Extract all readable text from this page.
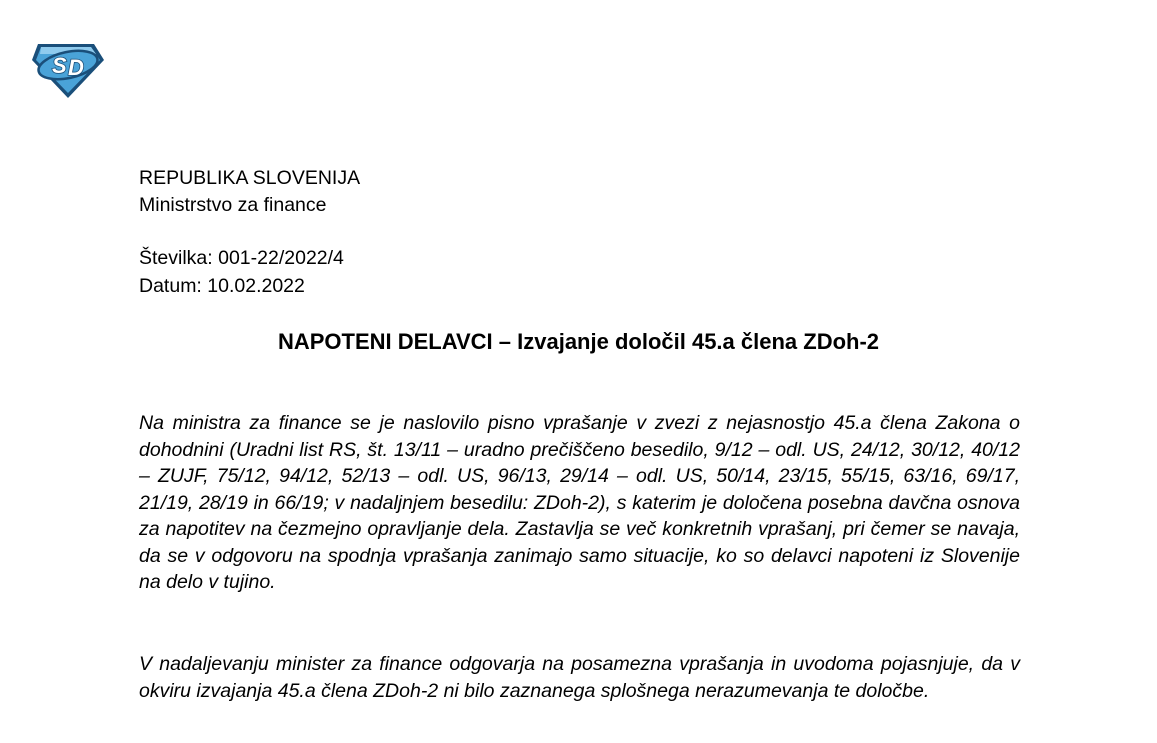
S D
REPUBLIKA SLOVENIJA
Ministrstvo za finance
Številka: 001-22/2022/4
Datum: 10.02.2022
NAPOTENI DELAVCI – Izvajanje določil 45.a člena ZDoh-2
Na ministra za finance se je naslovilo pisno vprašanje v zvezi z nejasnostjo 45.a člena Zakona o dohodnini (Uradni list RS, št. 13/11 – uradno prečiščeno besedilo, 9/12 – odl. US, 24/12, 30/12, 40/12 – ZUJF, 75/12, 94/12, 52/13 – odl. US, 96/13, 29/14 – odl. US, 50/14, 23/15, 55/15, 63/16, 69/17, 21/19, 28/19 in 66/19; v nadaljnjem besedilu: ZDoh-2), s katerim je določena posebna davčna osnova za napotitev na čezmejno opravljanje dela. Zastavlja se več konkretnih vprašanj, pri čemer se navaja, da se v odgovoru na spodnja vprašanja zanimajo samo situacije, ko so delavci napoteni iz Slovenije na delo v tujino.
V nadaljevanju minister za finance odgovarja na posamezna vprašanja in uvodoma pojasnjuje, da v okviru izvajanja 45.a člena ZDoh-2 ni bilo zaznanega splošnega nerazumevanja te določbe.
